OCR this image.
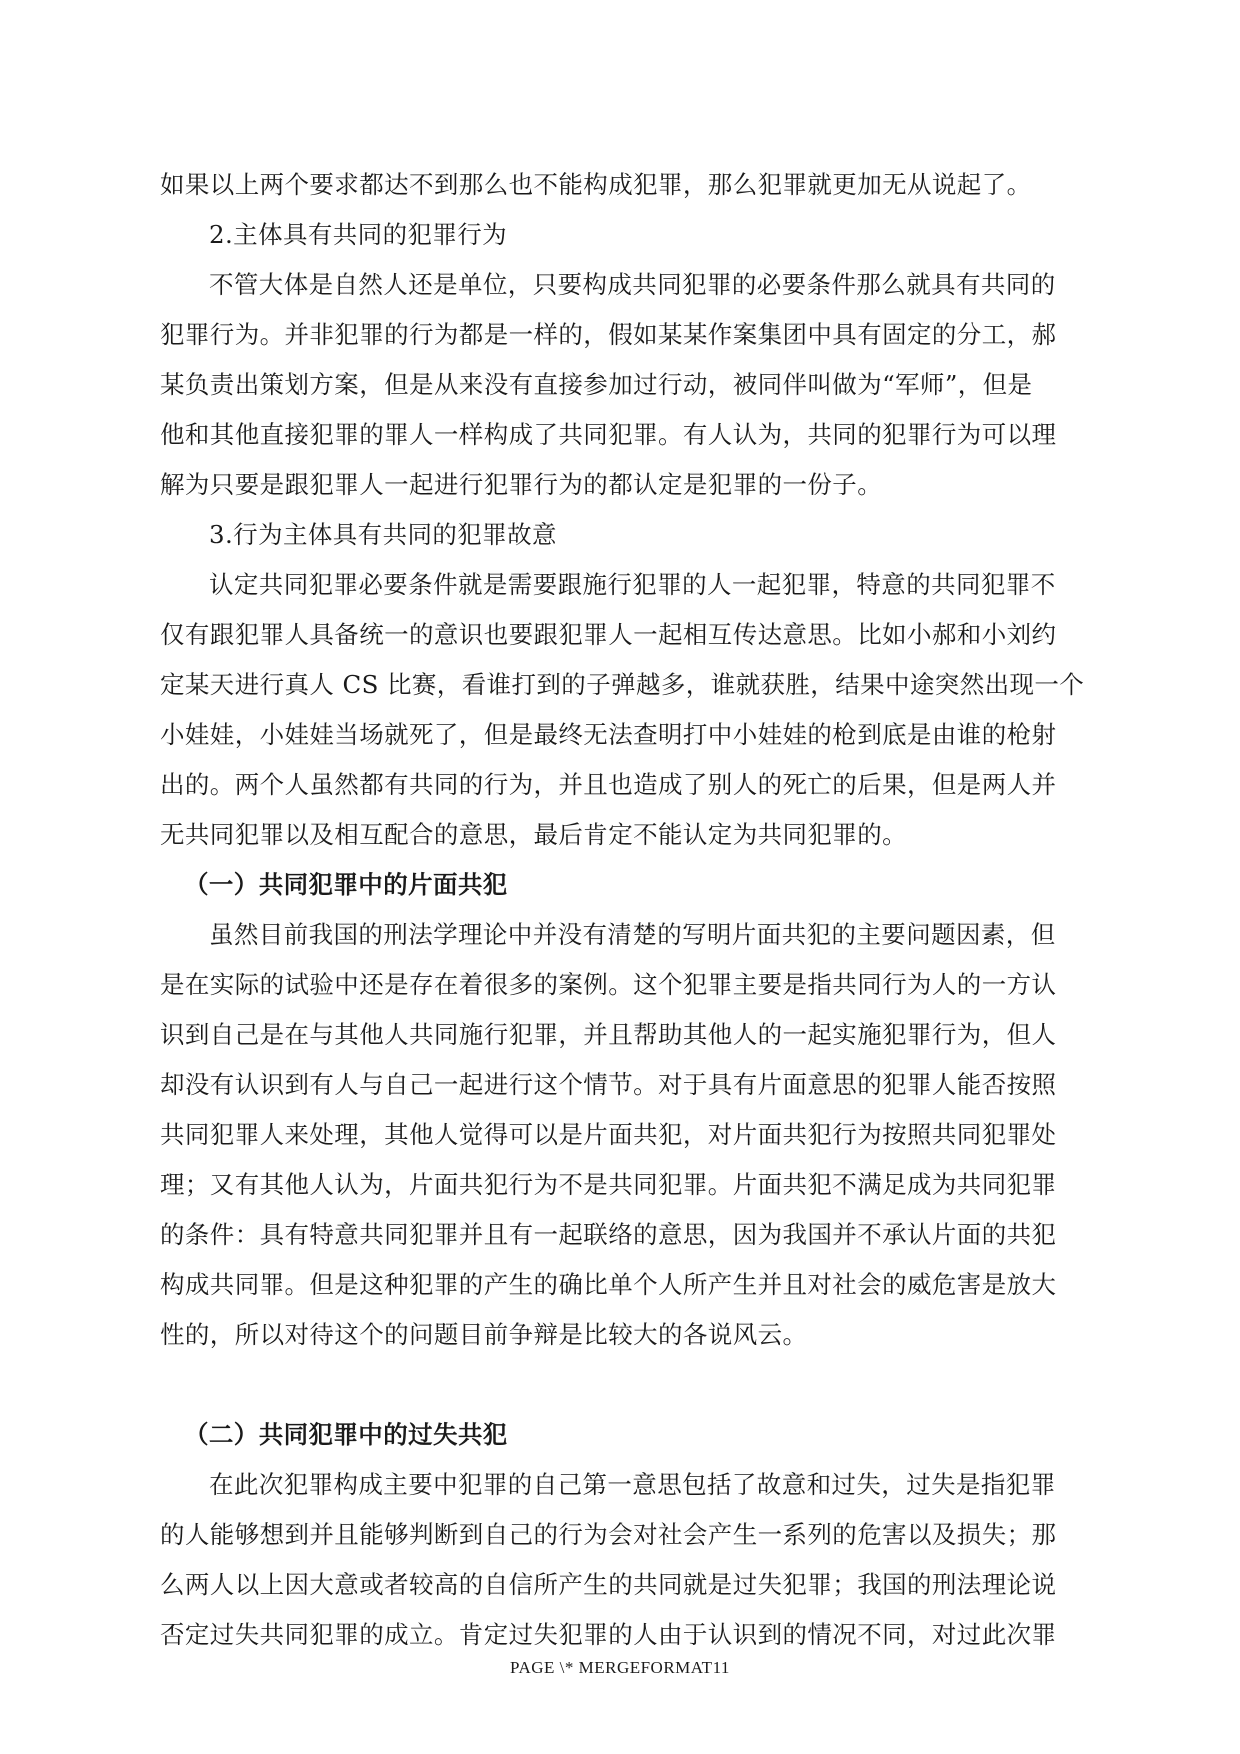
如果以上两个要求都达不到那么也不能构成犯罪，那么犯罪就更加无从说起了。
2.主体具有共同的犯罪行为
不管大体是自然人还是单位，只要构成共同犯罪的必要条件那么就具有共同的
犯罪行为。并非犯罪的行为都是一样的，假如某某作案集团中具有固定的分工，郝
某负责出策划方案，但是从来没有直接参加过行动，被同伴叫做为“军师”，但是
他和其他直接犯罪的罪人一样构成了共同犯罪。有人认为，共同的犯罪行为可以理
解为只要是跟犯罪人一起进行犯罪行为的都认定是犯罪的一份子。
3.行为主体具有共同的犯罪故意
认定共同犯罪必要条件就是需要跟施行犯罪的人一起犯罪，特意的共同犯罪不
仅有跟犯罪人具备统一的意识也要跟犯罪人一起相互传达意思。比如小郝和小刘约
定某天进行真人 CS 比赛，看谁打到的子弹越多，谁就获胜，结果中途突然出现一个
小娃娃，小娃娃当场就死了，但是最终无法查明打中小娃娃的枪到底是由谁的枪射
出的。两个人虽然都有共同的行为，并且也造成了别人的死亡的后果，但是两人并
无共同犯罪以及相互配合的意思，最后肯定不能认定为共同犯罪的。
（一）共同犯罪中的片面共犯
虽然目前我国的刑法学理论中并没有清楚的写明片面共犯的主要问题因素，但
是在实际的试验中还是存在着很多的案例。这个犯罪主要是指共同行为人的一方认
识到自己是在与其他人共同施行犯罪，并且帮助其他人的一起实施犯罪行为，但人
却没有认识到有人与自己一起进行这个情节。对于具有片面意思的犯罪人能否按照
共同犯罪人来处理，其他人觉得可以是片面共犯，对片面共犯行为按照共同犯罪处
理；又有其他人认为，片面共犯行为不是共同犯罪。片面共犯不满足成为共同犯罪
的条件：具有特意共同犯罪并且有一起联络的意思，因为我国并不承认片面的共犯
构成共同罪。但是这种犯罪的产生的确比单个人所产生并且对社会的威危害是放大
性的，所以对待这个的问题目前争辩是比较大的各说风云。
（二）共同犯罪中的过失共犯
在此次犯罪构成主要中犯罪的自己第一意思包括了故意和过失，过失是指犯罪
的人能够想到并且能够判断到自己的行为会对社会产生一系列的危害以及损失；那
么两人以上因大意或者较高的自信所产生的共同就是过失犯罪；我国的刑法理论说
否定过失共同犯罪的成立。肯定过失犯罪的人由于认识到的情况不同，对过此次罪
PAGE \* MERGEFORMAT11
